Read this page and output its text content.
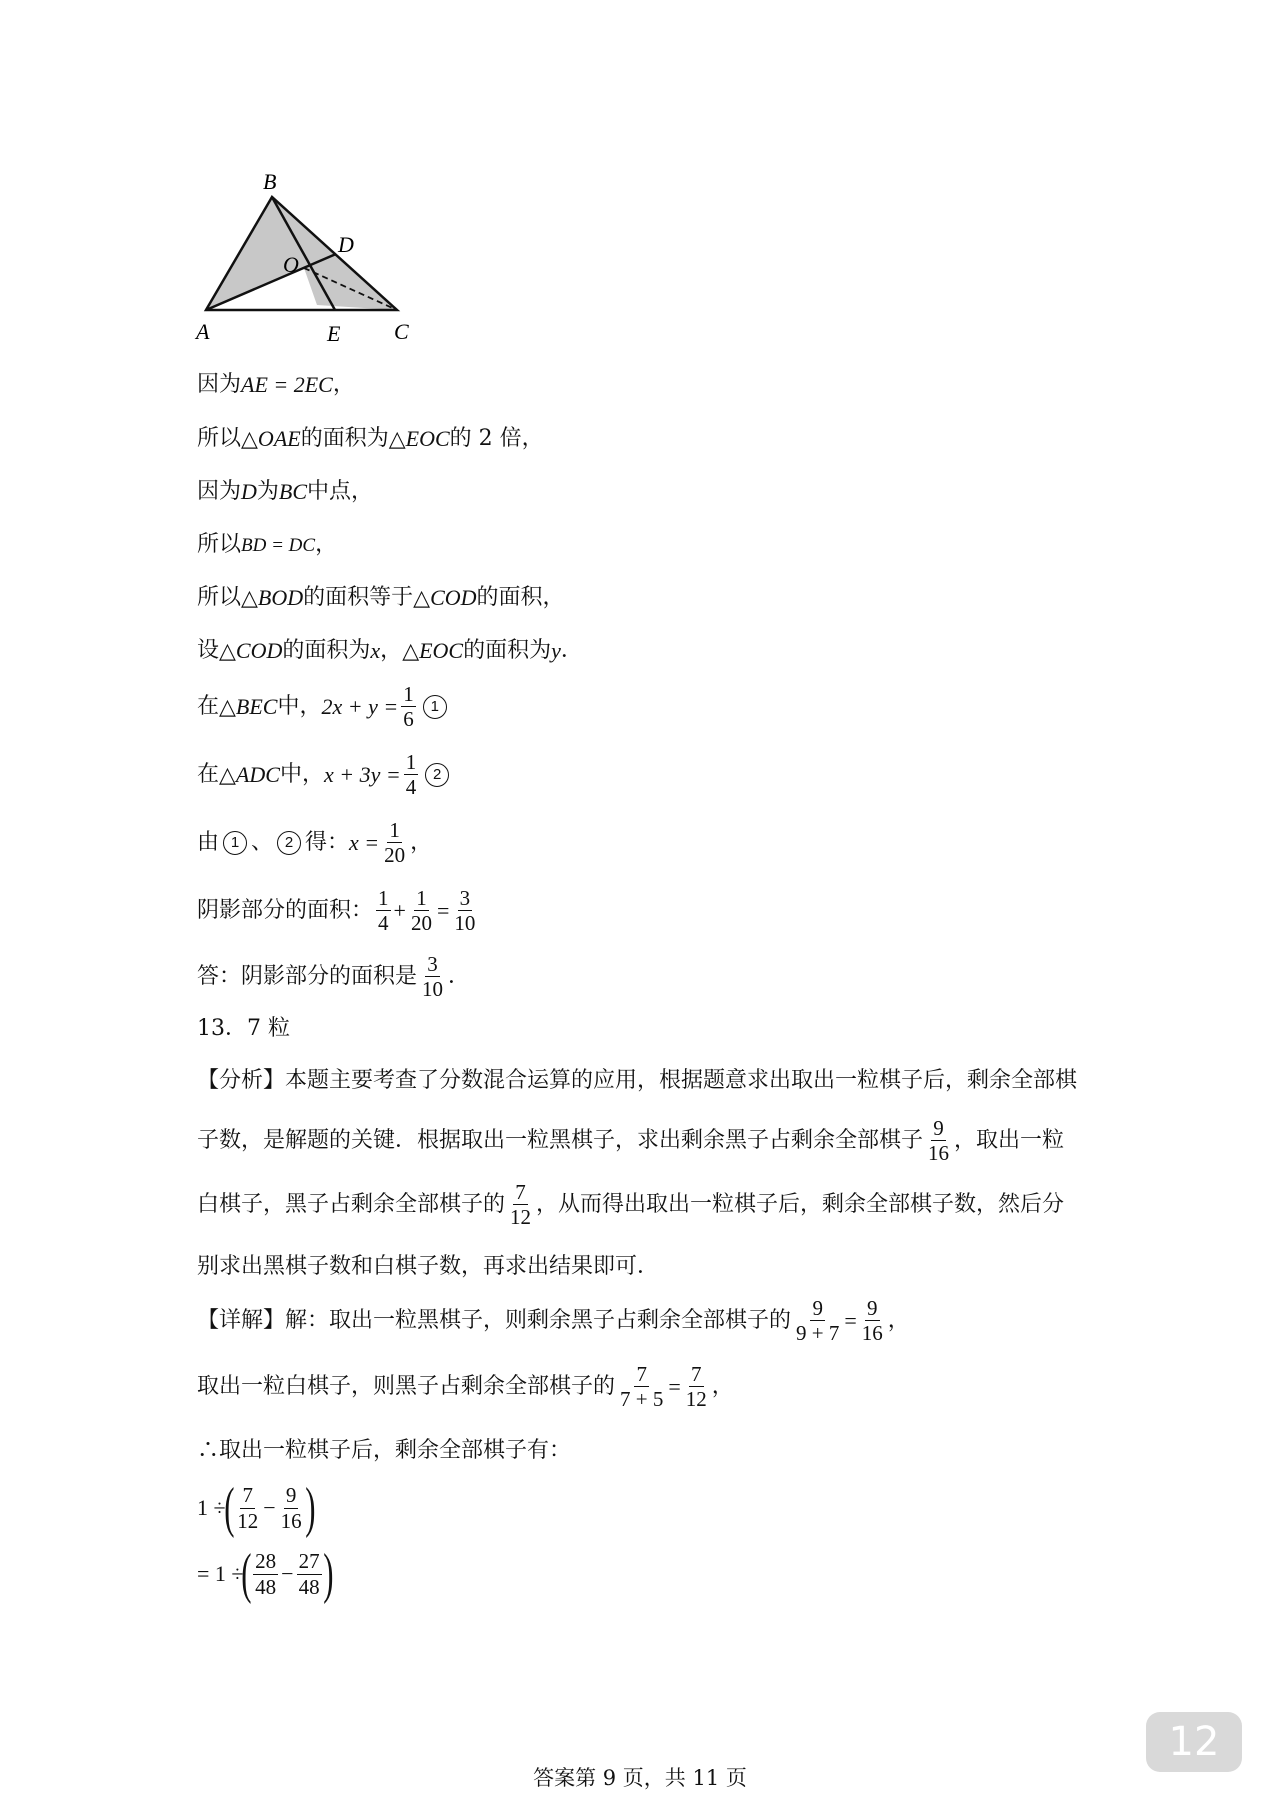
B
D
O
A	E C
因为 AE = 2EC ，
所以 △OAE 的面积为 △EOC 的 2 倍，
因为 D 为 BC 中点，
所以 BD = DC ，
所以 △BOD 的面积等于 △COD 的面积，
设 △COD 的面积为 x ， △EOC 的面积为 y ．
在 △BEC 中， $2x + y = \frac{1}{6} 1$
在 △ADC 中， $x + 3y = \frac{1}{4} 2$
由 1 、 2 得： $x = \frac{1}{20}$ ，
阴影部分的面积： $\frac{1}{4} + \frac{1}{20} = \frac{3}{10}$
答：阴影部分的面积是 $\frac{3}{10}$ ．
13．7 粒
【分析】本题主要考查了分数混合运算的应用，根据题意求出取出一粒棋子后，剩余全部棋
子数，是解题的关键．根据取出一粒黑棋子，求出剩余黑子占剩余全部棋子 $\frac{9}{16}$ ，取出一粒
白棋子，黑子占剩余全部棋子的 $\frac{7}{12}$ ，从而得出取出一粒棋子后，剩余全部棋子数，然后分
别求出黑棋子数和白棋子数，再求出结果即可．
【详解】解：取出一粒黑棋子，则剩余黑子占剩余全部棋子的 $\frac{9}{9 + 7} = \frac{9}{16}$ ，
取出一粒白棋子，则黑子占剩余全部棋子的 $\frac{7}{7 + 5} = \frac{7}{12}$ ，
∴取出一粒棋子后，剩余全部棋子有：
1 ÷
( $\frac{7}{12} - \frac{9}{16}$ )
= 1 ÷
( $\frac{28}{48} - \frac{27}{48}$ )
答案第 9 页，共 11 页
12
